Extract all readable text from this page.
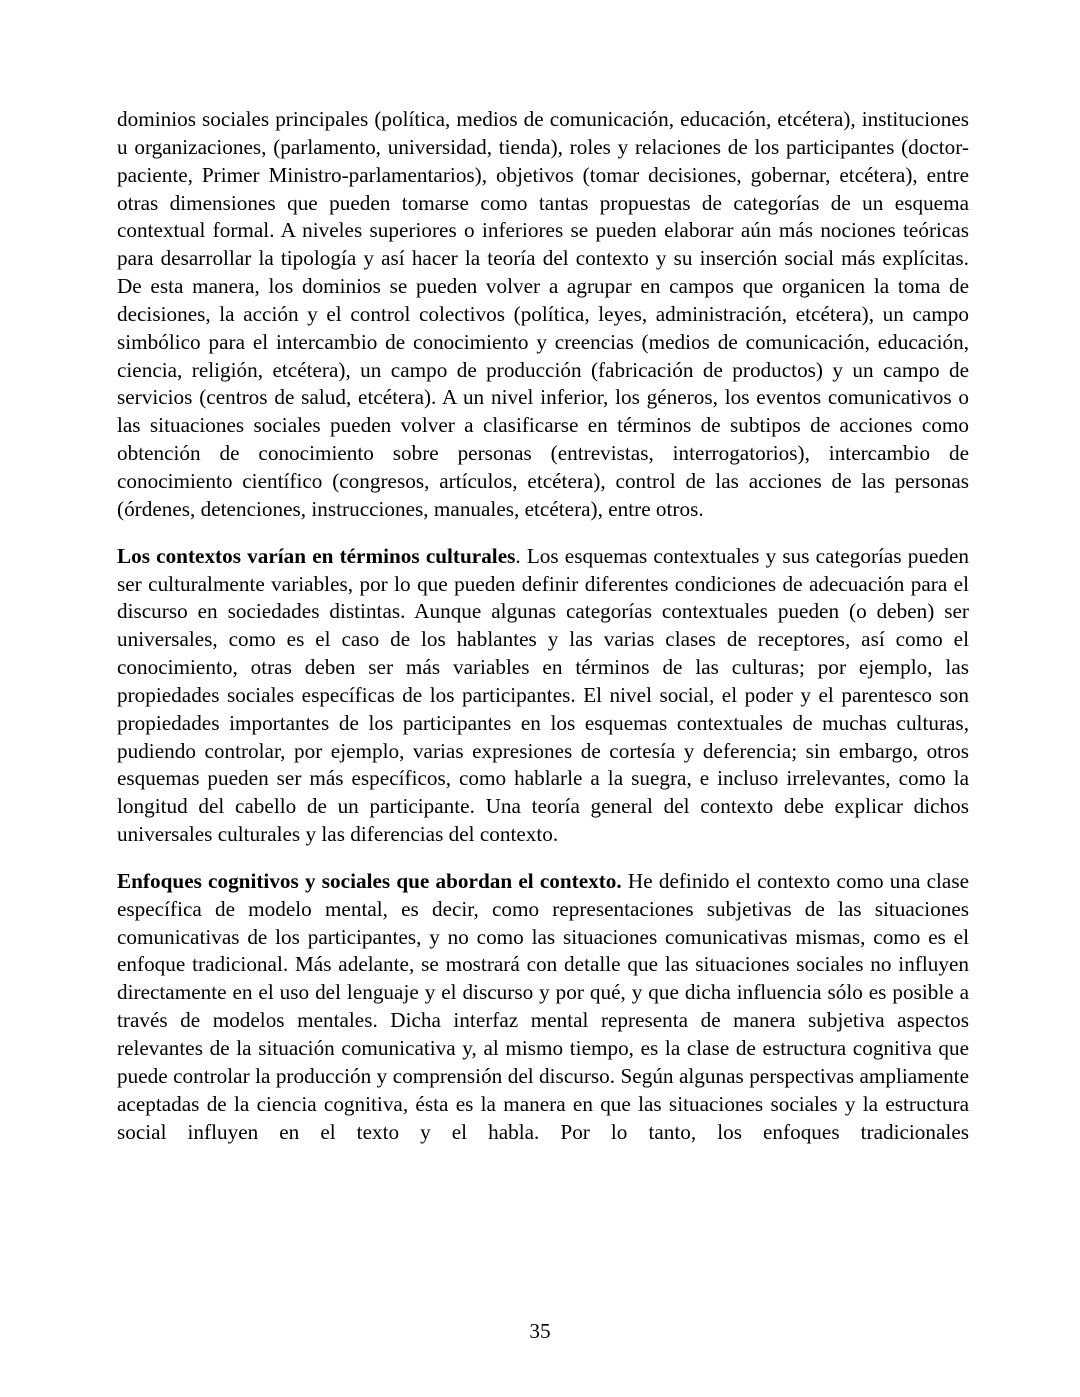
dominios sociales principales (política, medios de comunicación, educación, etcétera), instituciones u organizaciones, (parlamento, universidad, tienda), roles y relaciones de los participantes (doctor-paciente, Primer Ministro-parlamentarios), objetivos (tomar decisiones, gobernar, etcétera), entre otras dimensiones que pueden tomarse como tantas propuestas de categorías de un esquema contextual formal. A niveles superiores o inferiores se pueden elaborar aún más nociones teóricas para desarrollar la tipología y así hacer la teoría del contexto y su inserción social más explícitas. De esta manera, los dominios se pueden volver a agrupar en campos que organicen la toma de decisiones, la acción y el control colectivos (política, leyes, administración, etcétera), un campo simbólico para el intercambio de conocimiento y creencias (medios de comunicación, educación, ciencia, religión, etcétera), un campo de producción (fabricación de productos) y un campo de servicios (centros de salud, etcétera). A un nivel inferior, los géneros, los eventos comunicativos o las situaciones sociales pueden volver a clasificarse en términos de subtipos de acciones como obtención de conocimiento sobre personas (entrevistas, interrogatorios), intercambio de conocimiento científico (congresos, artículos, etcétera), control de las acciones de las personas (órdenes, detenciones, instrucciones, manuales, etcétera), entre otros.

Los contextos varían en términos culturales. Los esquemas contextuales y sus categorías pueden ser culturalmente variables, por lo que pueden definir diferentes condiciones de adecuación para el discurso en sociedades distintas. Aunque algunas categorías contextuales pueden (o deben) ser universales, como es el caso de los hablantes y las varias clases de receptores, así como el conocimiento, otras deben ser más variables en términos de las culturas; por ejemplo, las propiedades sociales específicas de los participantes. El nivel social, el poder y el parentesco son propiedades importantes de los participantes en los esquemas contextuales de muchas culturas, pudiendo controlar, por ejemplo, varias expresiones de cortesía y deferencia; sin embargo, otros esquemas pueden ser más específicos, como hablarle a la suegra, e incluso irrelevantes, como la longitud del cabello de un participante. Una teoría general del contexto debe explicar dichos universales culturales y las diferencias del contexto.

Enfoques cognitivos y sociales que abordan el contexto. He definido el contexto como una clase específica de modelo mental, es decir, como representaciones subjetivas de las situaciones comunicativas de los participantes, y no como las situaciones comunicativas mismas, como es el enfoque tradicional. Más adelante, se mostrará con detalle que las situaciones sociales no influyen directamente en el uso del lenguaje y el discurso y por qué, y que dicha influencia sólo es posible a través de modelos mentales. Dicha interfaz mental representa de manera subjetiva aspectos relevantes de la situación comunicativa y, al mismo tiempo, es la clase de estructura cognitiva que puede controlar la producción y comprensión del discurso. Según algunas perspectivas ampliamente aceptadas de la ciencia cognitiva, ésta es la manera en que las situaciones sociales y la estructura social influyen en el texto y el habla. Por lo tanto, los enfoques tradicionales

35
